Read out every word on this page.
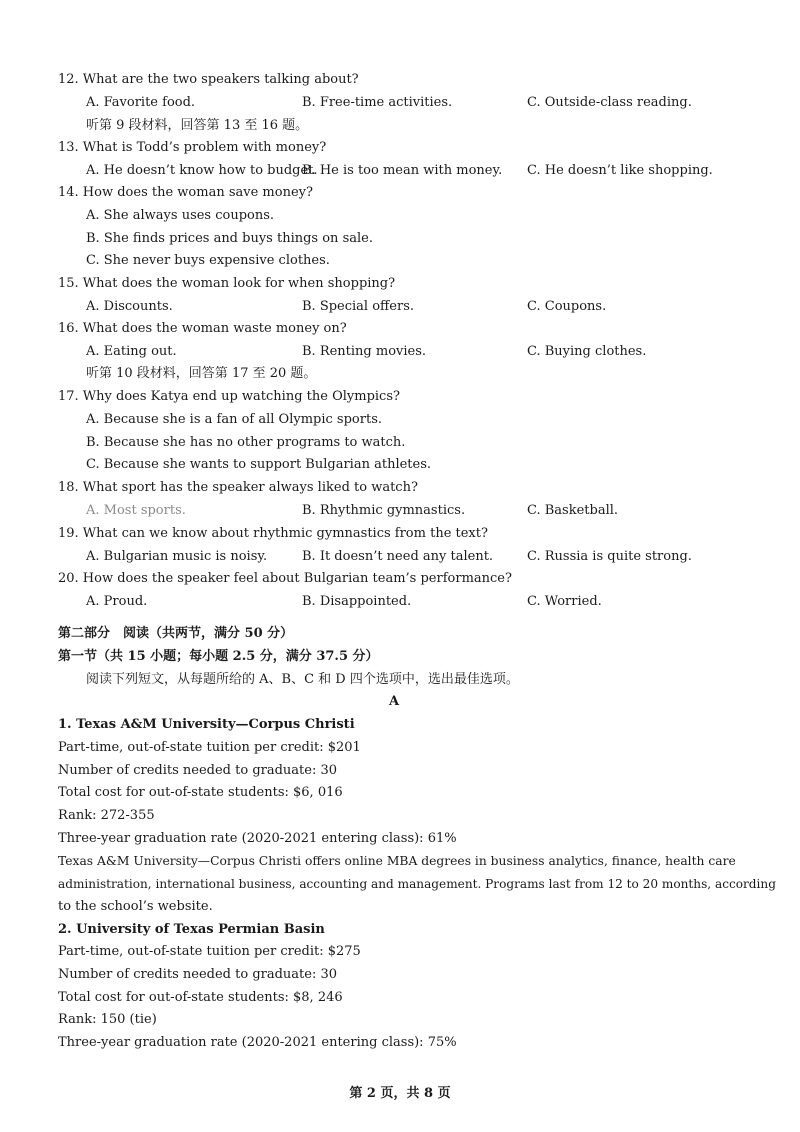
12. What are the two speakers talking about?
A. Favorite food.	B. Free-time activities.	C. Outside-class reading.
听第 9 段材料，回答第 13 至 16 题。
13. What is Todd’s problem with money?
A. He doesn’t know how to budget.
B. He is too mean with money. C. He doesn’t like shopping.
14. How does the woman save money?
A. She always uses coupons.
B. She finds prices and buys things on sale.
C. She never buys expensive clothes.
15. What does the woman look for when shopping?
A. Discounts.	B. Special offers.	C. Coupons.
16. What does the woman waste money on?
A. Eating out.	B. Renting movies.	C. Buying clothes.
听第 10 段材料，回答第 17 至 20 题。
17. Why does Katya end up watching the Olympics?
A. Because she is a fan of all Olympic sports.
B. Because she has no other programs to watch.
C. Because she wants to support Bulgarian athletes.
18. What sport has the speaker always liked to watch?
A. Most sports.	B. Rhythmic gymnastics.	C. Basketball.
19. What can we know about rhythmic gymnastics from the text?
A. Bulgarian music is noisy.	B. It doesn’t need any talent.	C. Russia is quite strong.
20. How does the speaker feel about Bulgarian team’s performance?
A. Proud.	B. Disappointed.	C. Worried.
第二部分　阅读（共两节，满分 50 分）
第一节（共 15 小题；每小题 2.5 分，满分 37.5 分）
阅读下列短文，从每题所给的 A、B、C 和 D 四个选项中，选出最佳选项。
A
1. Texas A&M University—Corpus Christi
Part-time, out-of-state tuition per credit: $201
Number of credits needed to graduate: 30
Total cost for out-of-state students: $6, 016
Rank: 272-355
Three-year graduation rate (2020-2021 entering class): 61%
Texas A&M University—Corpus Christi offers online MBA degrees in business analytics, finance, health care
administration, international business, accounting and management. Programs last from 12 to 20 months, according
to the school’s website.
2. University of Texas Permian Basin
Part-time, out-of-state tuition per credit: $275
Number of credits needed to graduate: 30
Total cost for out-of-state students: $8, 246
Rank: 150 (tie)
Three-year graduation rate (2020-2021 entering class): 75%
第 2 页，共 8 页
